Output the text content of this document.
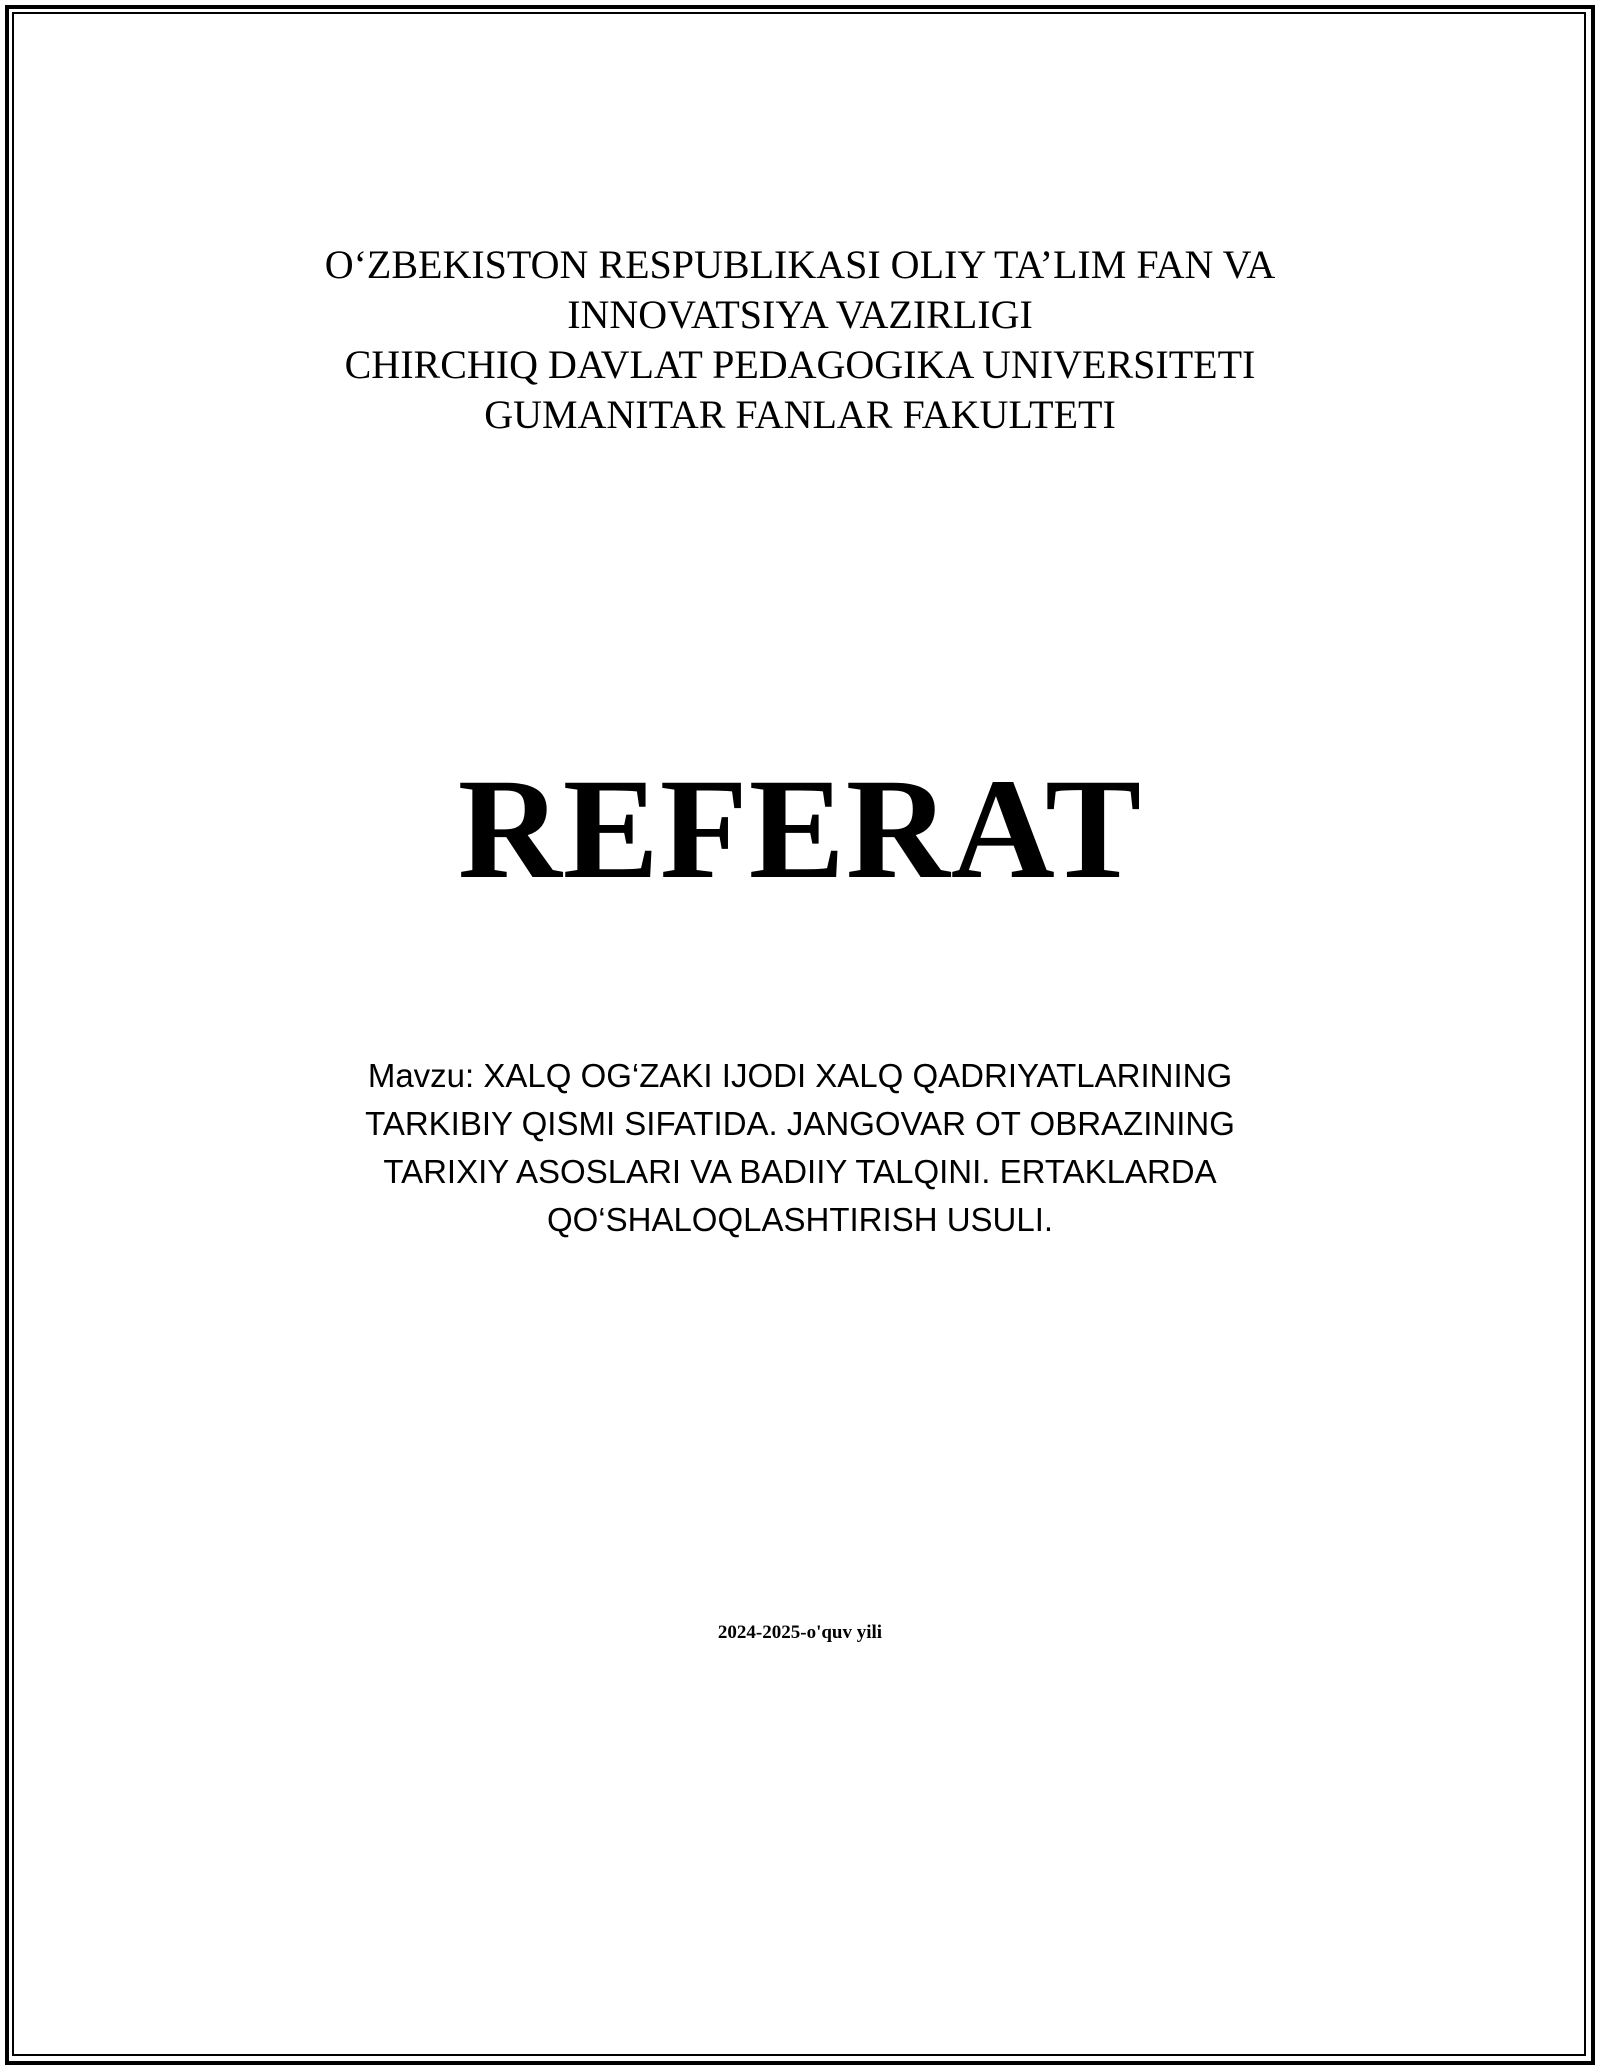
O‘ZBEKISTON RESPUBLIKASI OLIY TA’LIM FAN VA
INNOVATSIYA VAZIRLIGI
CHIRCHIQ DAVLAT PEDAGOGIKA UNIVERSITETI
GUMANITAR FANLAR FAKULTETI
REFERAT
Mavzu: XALQ OG‘ZAKI IJODI XALQ QADRIYATLARINING
TARKIBIY QISMI SIFATIDA. JANGOVAR OT OBRAZINING
TARIXIY ASOSLARI VA BADIIY TALQINI. ERTAKLARDA
QO‘SHALOQLASHTIRISH USULI.
2024-2025-o'quv yili
